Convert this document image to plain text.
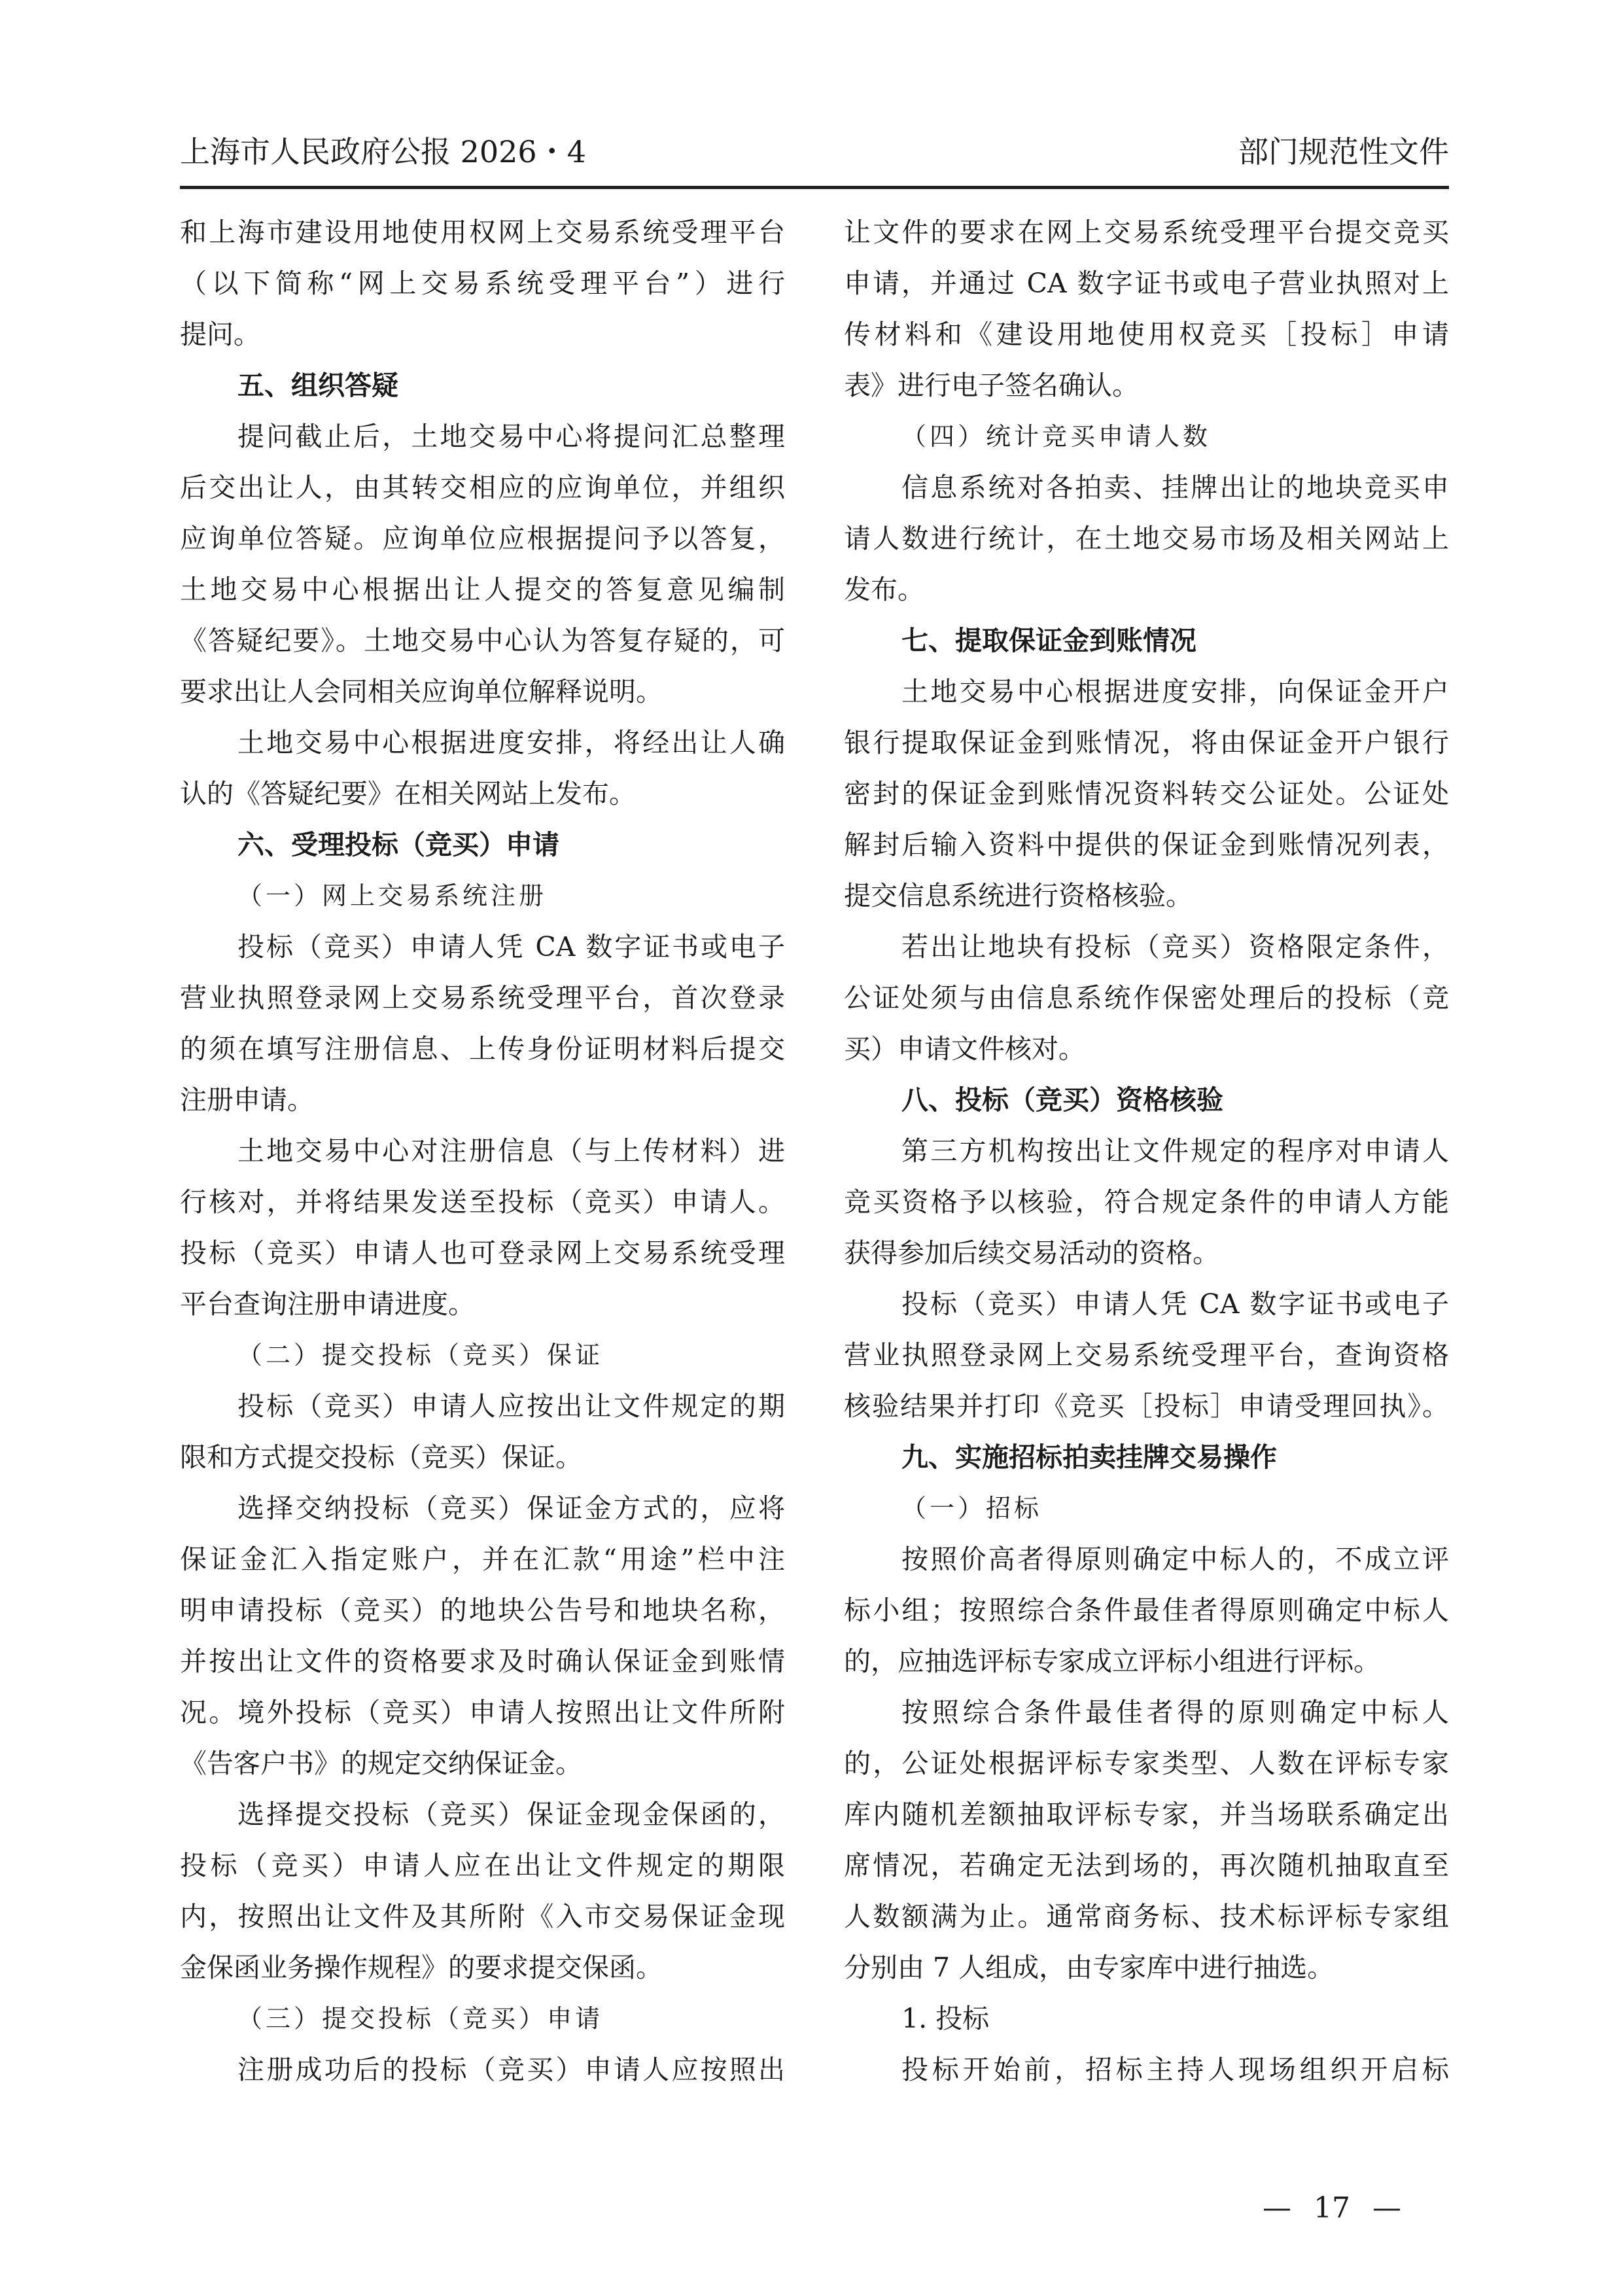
上海市人民政府公报 2026・4	部门规范性文件
和上海市建设用地使用权网上交易系统受理平台
（以下简称“网上交易系统受理平台”）进行
提问。
五、组织答疑
提问截止后，土地交易中心将提问汇总整理
后交出让人，由其转交相应的应询单位，并组织
应询单位答疑。应询单位应根据提问予以答复，
土地交易中心根据出让人提交的答复意见编制
《答疑纪要》。土地交易中心认为答复存疑的，可
要求出让人会同相关应询单位解释说明。
土地交易中心根据进度安排，将经出让人确
认的《答疑纪要》在相关网站上发布。
六、受理投标（竞买）申请
（一）网上交易系统注册
投标（竞买）申请人凭 CA 数字证书或电子
营业执照登录网上交易系统受理平台，首次登录
的须在填写注册信息、上传身份证明材料后提交
注册申请。
土地交易中心对注册信息（与上传材料）进
行核对，并将结果发送至投标（竞买）申请人。
投标（竞买）申请人也可登录网上交易系统受理
平台查询注册申请进度。
（二）提交投标（竞买）保证
投标（竞买）申请人应按出让文件规定的期
限和方式提交投标（竞买）保证。
选择交纳投标（竞买）保证金方式的，应将
保证金汇入指定账户，并在汇款“用途”栏中注
明申请投标（竞买）的地块公告号和地块名称，
并按出让文件的资格要求及时确认保证金到账情
况。境外投标（竞买）申请人按照出让文件所附
《告客户书》的规定交纳保证金。
选择提交投标（竞买）保证金现金保函的，
投标（竞买）申请人应在出让文件规定的期限
内，按照出让文件及其所附《入市交易保证金现
金保函业务操作规程》的要求提交保函。
（三）提交投标（竞买）申请
注册成功后的投标（竞买）申请人应按照出
让文件的要求在网上交易系统受理平台提交竞买
申请，并通过 CA 数字证书或电子营业执照对上
传材料和《建设用地使用权竞买［投标］申请
表》进行电子签名确认。
（四）统计竞买申请人数
信息系统对各拍卖、挂牌出让的地块竞买申
请人数进行统计，在土地交易市场及相关网站上
发布。
七、提取保证金到账情况
土地交易中心根据进度安排，向保证金开户
银行提取保证金到账情况，将由保证金开户银行
密封的保证金到账情况资料转交公证处。公证处
解封后输入资料中提供的保证金到账情况列表，
提交信息系统进行资格核验。
若出让地块有投标（竞买）资格限定条件，
公证处须与由信息系统作保密处理后的投标（竞
买）申请文件核对。
八、投标（竞买）资格核验
第三方机构按出让文件规定的程序对申请人
竞买资格予以核验，符合规定条件的申请人方能
获得参加后续交易活动的资格。
投标（竞买）申请人凭 CA 数字证书或电子
营业执照登录网上交易系统受理平台，查询资格
核验结果并打印《竞买［投标］申请受理回执》。
九、实施招标拍卖挂牌交易操作
（一）招标
按照价高者得原则确定中标人的，不成立评
标小组；按照综合条件最佳者得原则确定中标人
的，应抽选评标专家成立评标小组进行评标。
按照综合条件最佳者得的原则确定中标人
的，公证处根据评标专家类型、人数在评标专家
库内随机差额抽取评标专家，并当场联系确定出
席情况，若确定无法到场的，再次随机抽取直至
人数额满为止。通常商务标、技术标评标专家组
分别由 7 人组成，由专家库中进行抽选。
1. 投标
投标开始前，招标主持人现场组织开启标
— 17 —
